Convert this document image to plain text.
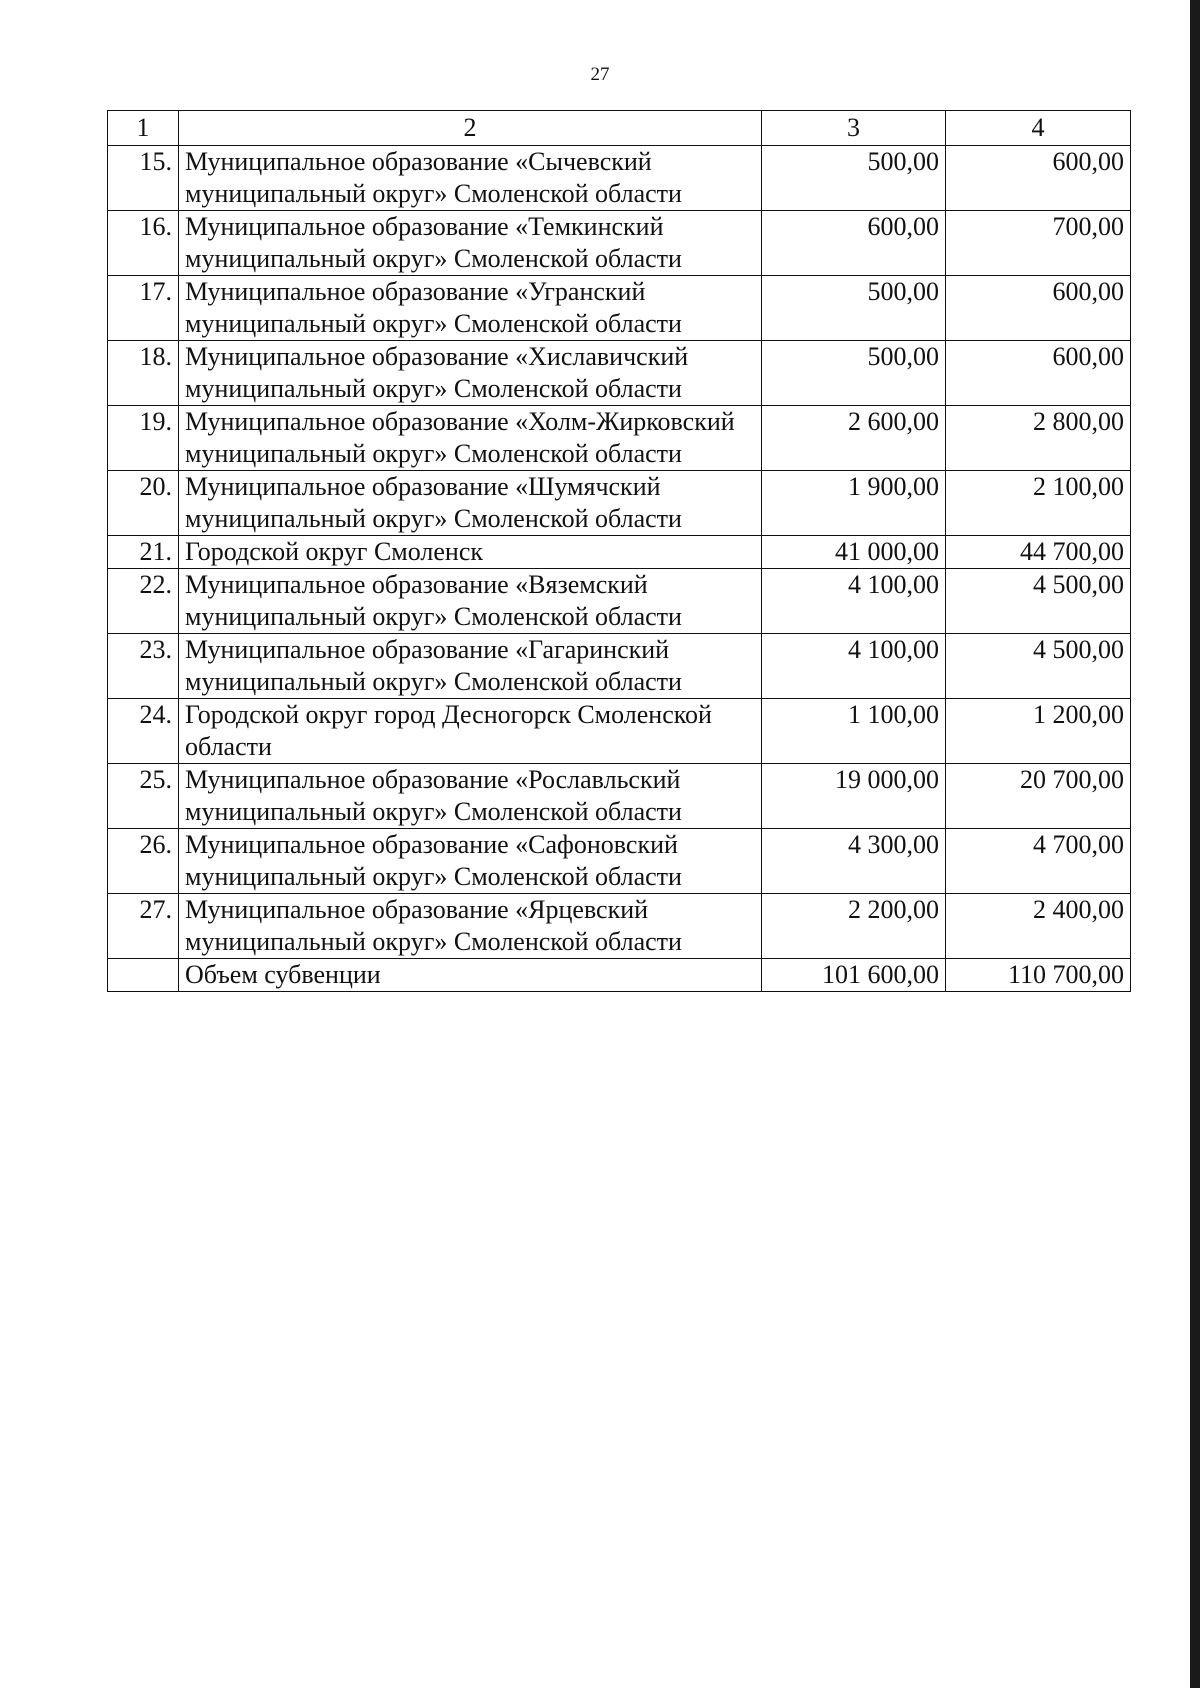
27
1	2	3	4
15.	Муниципальное образование «Сычевский муниципальный округ» Смоленской области	500,00	600,00
16.	Муниципальное образование «Темкинский муниципальный округ» Смоленской области	600,00	700,00
17.	Муниципальное образование «Угранский муниципальный округ» Смоленской области	500,00	600,00
18.	Муниципальное образование «Хиславичский муниципальный округ» Смоленской области	500,00	600,00
19.	Муниципальное образование «Холм-Жирковский муниципальный округ» Смоленской области	2 600,00	2 800,00
20.	Муниципальное образование «Шумячский муниципальный округ» Смоленской области	1 900,00	2 100,00
21.	Городской округ Смоленск	41 000,00	44 700,00
22.	Муниципальное образование «Вяземский муниципальный округ» Смоленской области	4 100,00	4 500,00
23.	Муниципальное образование «Гагаринский муниципальный округ» Смоленской области	4 100,00	4 500,00
24.	Городской округ город Десногорск Смоленской области	1 100,00	1 200,00
25.	Муниципальное образование «Рославльский муниципальный округ» Смоленской области	19 000,00	20 700,00
26.	Муниципальное образование «Сафоновский муниципальный округ» Смоленской области	4 300,00	4 700,00
27.	Муниципальное образование «Ярцевский муниципальный округ» Смоленской области	2 200,00	2 400,00
	Объем субвенции	101 600,00	110 700,00
